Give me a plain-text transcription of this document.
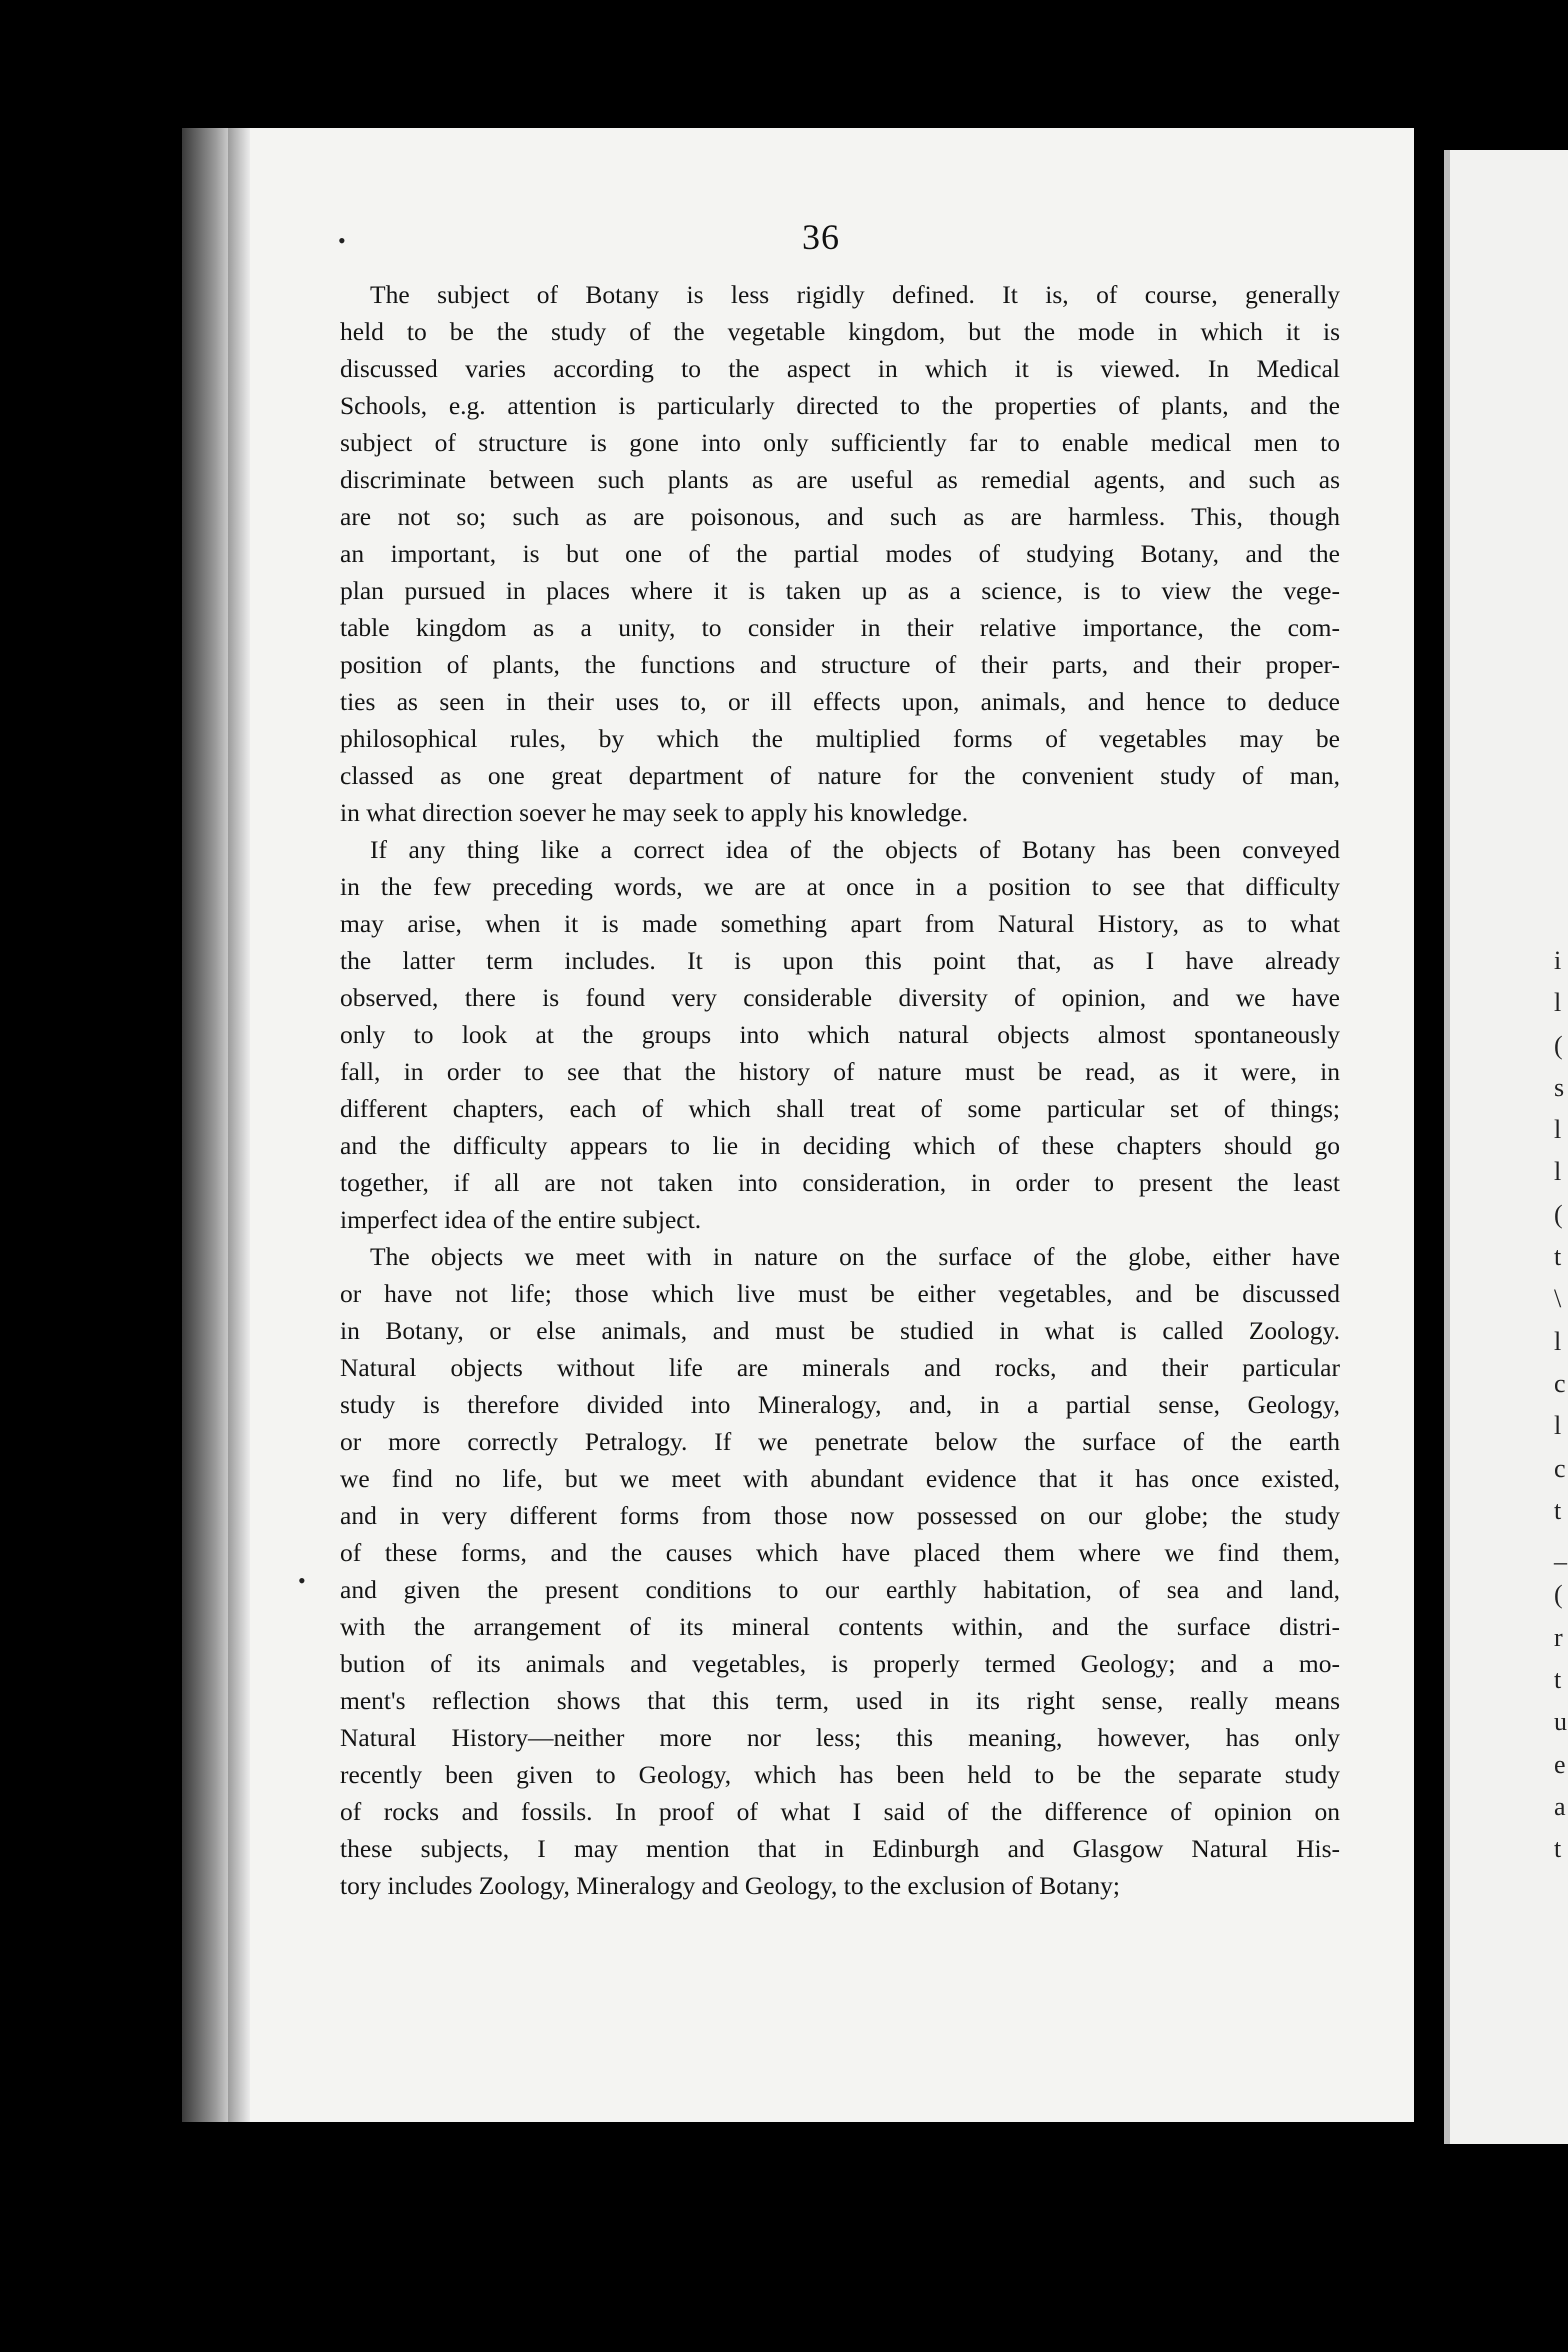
36
•
•

The subject of Botany is less rigidly defined. It is, of course, generally
held to be the study of the vegetable kingdom, but the mode in which it is
discussed varies according to the aspect in which it is viewed. In Medical
Schools, e.g. attention is particularly directed to the properties of plants, and the
subject of structure is gone into only sufficiently far to enable medical men to
discriminate between such plants as are useful as remedial agents, and such as
are not so; such as are poisonous, and such as are harmless. This, though
an important, is but one of the partial modes of studying Botany, and the
plan pursued in places where it is taken up as a science, is to view the vege-
table kingdom as a unity, to consider in their relative importance, the com-
position of plants, the functions and structure of their parts, and their proper-
ties as seen in their uses to, or ill effects upon, animals, and hence to deduce
philosophical rules, by which the multiplied forms of vegetables may be
classed as one great department of nature for the convenient study of man,
in what direction soever he may seek to apply his knowledge.

If any thing like a correct idea of the objects of Botany has been conveyed
in the few preceding words, we are at once in a position to see that difficulty
may arise, when it is made something apart from Natural History, as to what
the latter term includes. It is upon this point that, as I have already
observed, there is found very considerable diversity of opinion, and we have
only to look at the groups into which natural objects almost spontaneously
fall, in order to see that the history of nature must be read, as it were, in
different chapters, each of which shall treat of some particular set of things;
and the difficulty appears to lie in deciding which of these chapters should go
together, if all are not taken into consideration, in order to present the least
imperfect idea of the entire subject.

The objects we meet with in nature on the surface of the globe, either have
or have not life; those which live must be either vegetables, and be discussed
in Botany, or else animals, and must be studied in what is called Zoology.
Natural objects without life are minerals and rocks, and their particular
study is therefore divided into Mineralogy, and, in a partial sense, Geology,
or more correctly Petralogy. If we penetrate below the surface of the earth
we find no life, but we meet with abundant evidence that it has once existed,
and in very different forms from those now possessed on our globe; the study
of these forms, and the causes which have placed them where we find them,
and given the present conditions to our earthly habitation, of sea and land,
with the arrangement of its mineral contents within, and the surface distri-
bution of its animals and vegetables, is properly termed Geology; and a mo-
ment's reflection shows that this term, used in its right sense, really means
Natural History—neither more nor less; this meaning, however, has only
recently been given to Geology, which has been held to be the separate study
of rocks and fossils. In proof of what I said of the difference of opinion on
these subjects, I may mention that in Edinburgh and Glasgow Natural His-
tory includes Zoology, Mineralogy and Geology, to the exclusion of Botany;

i
l
(
s
l
l
(
t
\
l
c
l
c
t
_
(
r
t
u
e
a
t
